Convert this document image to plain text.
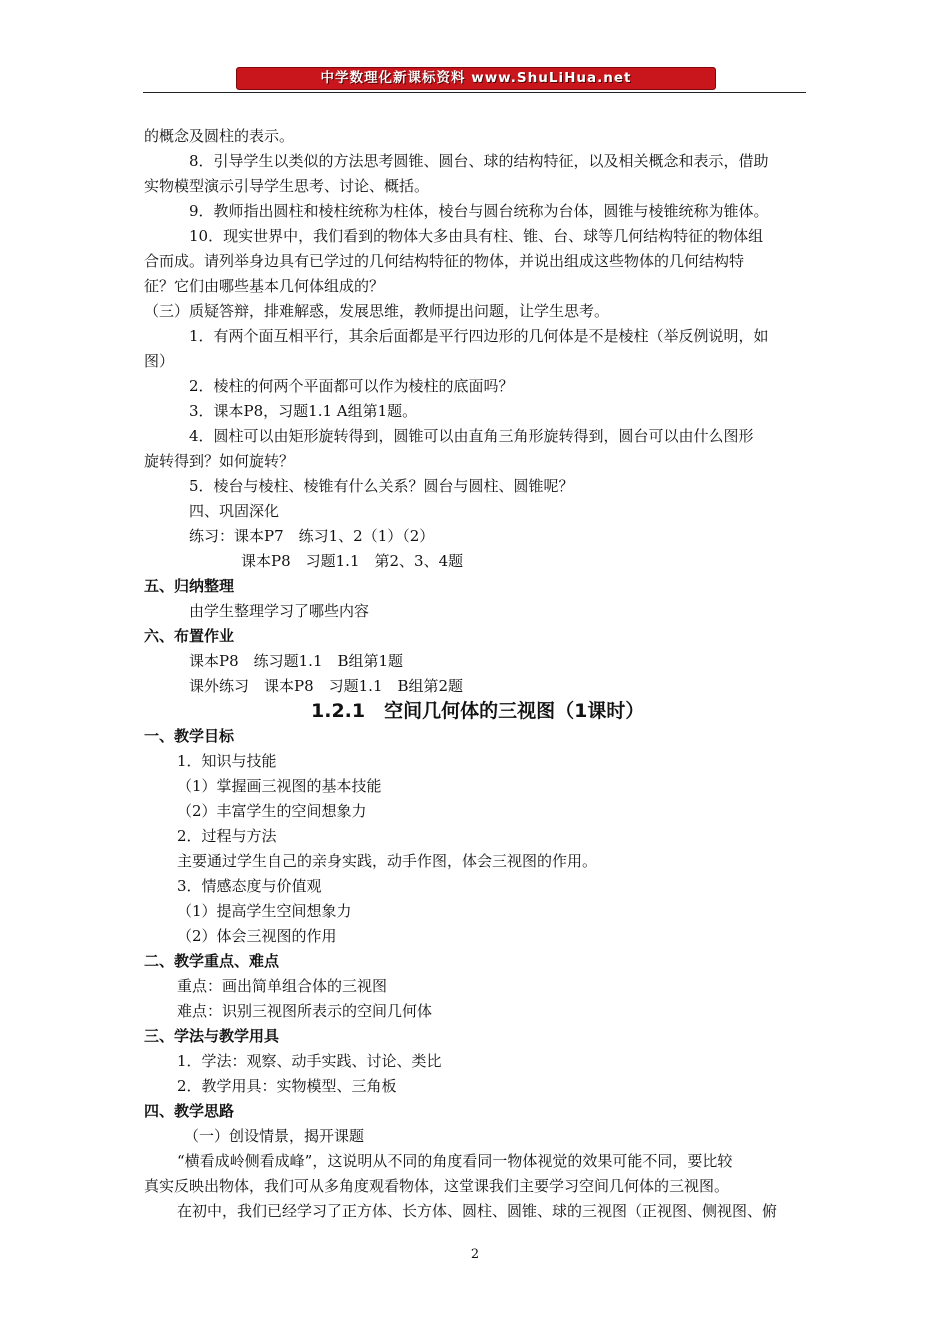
中学数理化新课标资料 www.ShuLiHua.net
的概念及圆柱的表示。
8．引导学生以类似的方法思考圆锥、圆台、球的结构特征，以及相关概念和表示，借助
实物模型演示引导学生思考、讨论、概括。
9．教师指出圆柱和棱柱统称为柱体，棱台与圆台统称为台体，圆锥与棱锥统称为锥体。
10．现实世界中，我们看到的物体大多由具有柱、锥、台、球等几何结构特征的物体组
合而成。请列举身边具有已学过的几何结构特征的物体，并说出组成这些物体的几何结构特
征？它们由哪些基本几何体组成的？
（三）质疑答辩，排难解惑，发展思维，教师提出问题，让学生思考。
1．有两个面互相平行，其余后面都是平行四边形的几何体是不是棱柱（举反例说明，如
图）
2．棱柱的何两个平面都可以作为棱柱的底面吗？
3．课本P8，习题1.1 A组第1题。
4．圆柱可以由矩形旋转得到，圆锥可以由直角三角形旋转得到，圆台可以由什么图形
旋转得到？如何旋转？
5．棱台与棱柱、棱锥有什么关系？圆台与圆柱、圆锥呢？
四、巩固深化
练习：课本P7　练习1、2（1）（2）
课本P8　习题1.1　第2、3、4题
五、归纳整理
由学生整理学习了哪些内容
六、布置作业
课本P8　练习题1.1　B组第1题
课外练习　课本P8　习题1.1　B组第2题
1.2.1　空间几何体的三视图（1课时）
一、教学目标
1．知识与技能
（1）掌握画三视图的基本技能
（2）丰富学生的空间想象力
2．过程与方法
主要通过学生自己的亲身实践，动手作图，体会三视图的作用。
3．情感态度与价值观
（1）提高学生空间想象力
（2）体会三视图的作用
二、教学重点、难点
重点：画出简单组合体的三视图
难点：识别三视图所表示的空间几何体
三、学法与教学用具
1．学法：观察、动手实践、讨论、类比
2．教学用具：实物模型、三角板
四、教学思路
（一）创设情景，揭开课题
“横看成岭侧看成峰”，这说明从不同的角度看同一物体视觉的效果可能不同，要比较
真实反映出物体，我们可从多角度观看物体，这堂课我们主要学习空间几何体的三视图。
在初中，我们已经学习了正方体、长方体、圆柱、圆锥、球的三视图（正视图、侧视图、俯
2
